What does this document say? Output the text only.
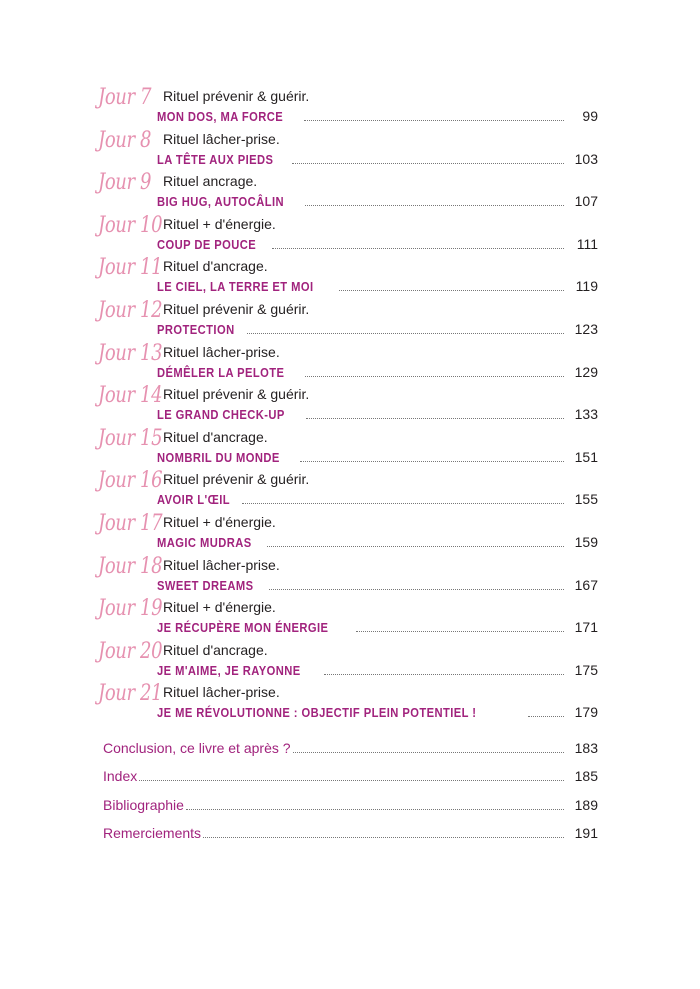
Jour 7 Rituel prévenir & guérir.
MON DOS, MA FORCE	99
Jour 8 Rituel lâcher-prise.
LA TÊTE AUX PIEDS	103
Jour 9 Rituel ancrage.
BIG HUG, AUTOCÂLIN	107
Jour 10 Rituel + d'énergie.
COUP DE POUCE	111
Jour 11 Rituel d'ancrage.
LE CIEL, LA TERRE ET MOI	119
Jour 12 Rituel prévenir & guérir.
PROTECTION	123
Jour 13 Rituel lâcher-prise.
DÉMÊLER LA PELOTE	129
Jour 14 Rituel prévenir & guérir.
LE GRAND CHECK-UP	133
Jour 15 Rituel d'ancrage.
NOMBRIL DU MONDE	151
Jour 16 Rituel prévenir & guérir.
AVOIR L'ŒIL	155
Jour 17 Rituel + d'énergie.
MAGIC MUDRAS	159
Jour 18 Rituel lâcher-prise.
SWEET DREAMS	167
Jour 19 Rituel + d'énergie.
JE RÉCUPÈRE MON ÉNERGIE	171
Jour 20 Rituel d'ancrage.
JE M'AIME, JE RAYONNE	175
Jour 21 Rituel lâcher-prise.
JE ME RÉVOLUTIONNE : OBJECTIF PLEIN POTENTIEL !	179
Conclusion, ce livre et après ?	183
Index	185
Bibliographie	189
Remerciements	191
